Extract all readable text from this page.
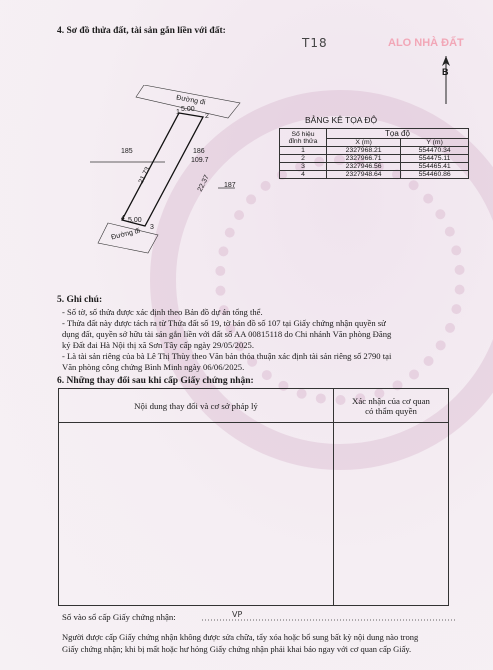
4. Sơ đồ thửa đất, tài sản gắn liền với đất:
T18	ALO NHÀ ĐẤT
B
Đường đi
1
2
5.00
185	186
109.7
21.73	22.37 187
4 5.00
3
Đường đi
BẢNG KÊ TỌA ĐỘ
Số hiệu
đỉnh thửa	Tọa độ	
	X (m)	Y (m)
1	2327968.21	554470.34
2	2327966.71	554475.11
3	2327946.56	554465.41
4	2327948.64	554460.86
5. Ghi chú:
- Số tờ, số thửa được xác định theo Bản đồ dự án tổng thể.
- Thửa đất này được tách ra từ Thửa đất số 19, tờ bản đồ số 107 tại Giấy chứng nhận quyền sử
dụng đất, quyền sở hữu tài sản gắn liền với đất số AA 00815118 do Chi nhánh Văn phòng Đăng
ký Đất đai Hà Nội thị xã Sơn Tây cấp ngày 29/05/2025.
- Là tài sản riêng của bà Lê Thị Thùy theo Văn bản thỏa thuận xác định tài sản riêng số 2790 tại
Văn phòng công chứng Bình Minh ngày 06/06/2025.
6. Những thay đổi sau khi cấp Giấy chứng nhận:
Nội dung thay đổi và cơ sở pháp lý	Xác nhận của cơ quan
có thẩm quyền

Số vào sổ cấp Giấy chứng nhận:	VP
Người được cấp Giấy chứng nhận không được sửa chữa, tẩy xóa hoặc bổ sung bất kỳ nội dung nào trong
Giấy chứng nhận; khi bị mất hoặc hư hỏng Giấy chứng nhận phải khai báo ngay với cơ quan cấp Giấy.
